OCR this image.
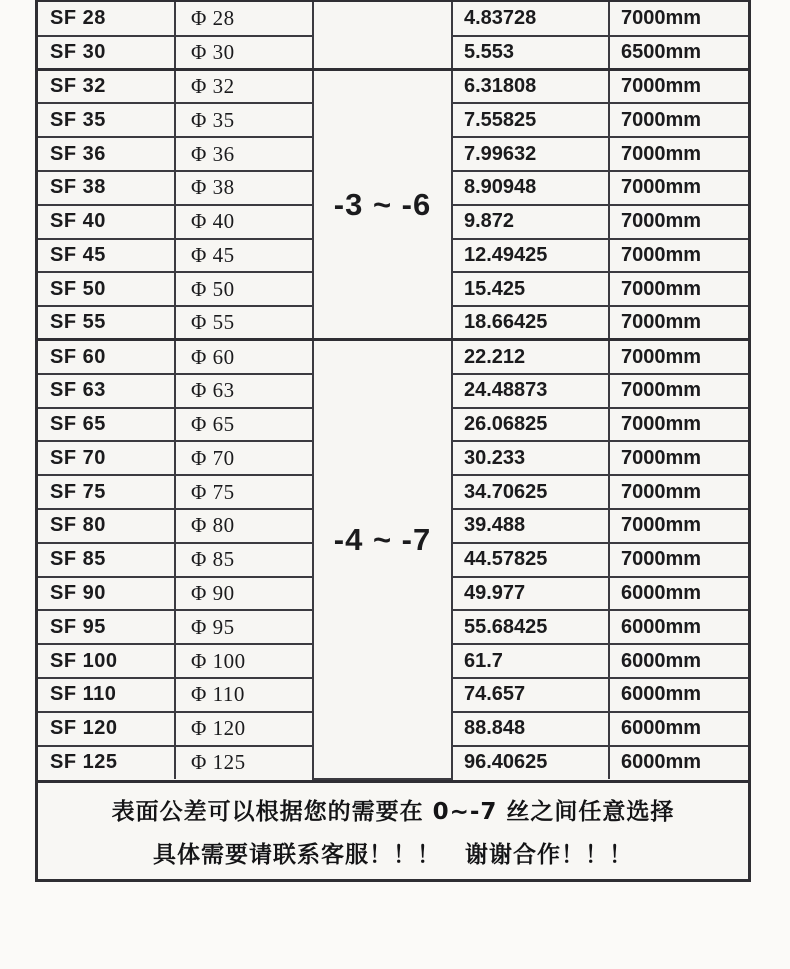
SF 28	Φ 28		4.83728	7000mm
SF 30	Φ 30		5.553	6500mm
SF 32	Φ 32	-3 ~ -6	6.31808	7000mm
SF 35	Φ 35		7.55825	7000mm
SF 36	Φ 36		7.99632	7000mm
SF 38	Φ 38		8.90948	7000mm
SF 40	Φ 40		9.872	7000mm
SF 45	Φ 45		12.49425	7000mm
SF 50	Φ 50		15.425	7000mm
SF 55	Φ 55		18.66425	7000mm
SF 60	Φ 60	-4 ~ -7	22.212	7000mm
SF 63	Φ 63		24.48873	7000mm
SF 65	Φ 65		26.06825	7000mm
SF 70	Φ 70		30.233	7000mm
SF 75	Φ 75		34.70625	7000mm
SF 80	Φ 80		39.488	7000mm
SF 85	Φ 85		44.57825	7000mm
SF 90	Φ 90		49.977	6000mm
SF 95	Φ 95		55.68425	6000mm
SF 100	Φ 100		61.7	6000mm
SF 110	Φ 110		74.657	6000mm
SF 120	Φ 120		88.848	6000mm
SF 125	Φ 125		96.40625	6000mm
表面公差可以根据您的需要在 0~-7 丝之间任意选择
具体需要请联系客服！！！　谢谢合作！！！
